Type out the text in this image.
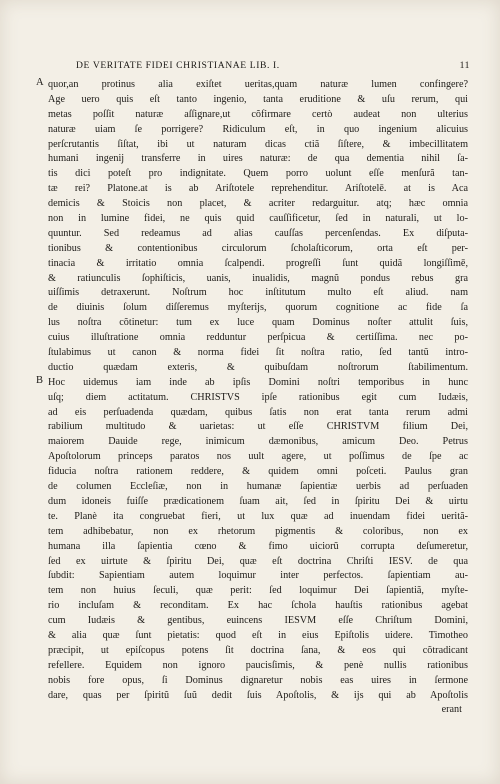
DE VERITATE FIDEI CHRISTIANAE LIB. I.	11
A
B
quor,an protinus alia exiſtet ueritas,quam naturæ lumen confingere?
Age uero quis eſt tanto ingenio, tanta eruditione & uſu rerum, qui
metas poſſit naturæ aſſignare,ut cõfirmare certò audeat non ulterius
naturæ uiam ſe porrigere? Ridiculum eſt, in quo ingenium alicuius
perſcrutantis ſiſtat, ibi ut naturam dicas ctiã ſiſtere, & imbecillitatem
humani ingenij transferre in uires naturæ: de qua dementia nihil ſa-
tis dici poteſt pro indignitate. Quem porro uolunt eſſe menſurã tan-
tæ rei? Platone.at is ab Ariſtotele reprehenditur. Ariſtotelē. at is Aca
demicis & Stoicis non placet, & acriter redarguitur. atq; hæc omnia
non in lumine fidei, ne quis quid cauſſificetur, ſed in naturali, ut lo-
quuntur. Sed redeamus ad alias cauſſas percenſendas. Ex diſputa-
tionibus & contentionibus circulorum ſcholaſticorum, orta eſt per-
tinacia & irritatio omnia ſcalpendi. progreſſi ſunt quidã longiſſimē,
& ratiunculis ſophiſticis, uanis, inualidis, magnũ pondus rebus gra
uiſſimis detraxerunt. Noſtrum hoc inſtitutum multo eſt aliud. nam
de diuinis ſolum diſſeremus myſterijs, quorum cognitione ac fide ſa
lus noſtra cõtinetur: tum ex luce quam Dominus noſter attulit ſuis,
cuius illuſtratione omnia redduntur perſpicua & certiſſima. nec po-
ſtulabimus ut canon & norma fidei ſit noſtra ratio, ſed tantũ intro-
ductio quædam exteris, & quibuſdam noſtrorum ſtabilimentum.
Hoc uidemus iam inde ab ipſis Domini noſtri temporibus in hunc
uſq; diem actitatum. CHRISTVS ipſe rationibus egit cum Iudæis,
ad eis perſuadenda quædam, quibus ſatis non erat tanta rerum admi
rabilium multitudo & uarietas: ut eſſe CHRISTVM filium Dei,
maiorem Dauide rege, inimicum dæmonibus, amicum Deo. Petrus
Apoſtolorum princeps paratos nos uult agere, ut poſſimus de ſpe ac
fiducia noſtra rationem reddere, & quidem omni poſceti. Paulus gran
de columen Eccleſiæ, non in humanæ ſapientiæ uerbis ad perſuaden
dum idoneis fuiſſe prædicationem ſuam ait, ſed in ſpiritu Dei & uirtu
te. Planè ita congruebat fieri, ut lux quæ ad inuendam fidei ueritã-
tem adhibebatur, non ex rhetorum pigmentis & coloribus, non ex
humana illa ſapientia cœno & fimo uiciorũ corrupta deſumeretur,
ſed ex uirtute & ſpiritu Dei, quæ eſt doctrina Chriſti IESV. de qua
ſubdit: Sapientiam autem loquimur inter perfectos. ſapientiam au-
tem non huius ſeculi, quæ perit: ſed loquimur Dei ſapientiã, myſte-
rio incluſam & reconditam. Ex hac ſchola hauſtis rationibus agebat
cum Iudæis & gentibus, euincens IESVM eſſe Chriſtum Domini,
& alia quæ ſunt pietatis: quod eſt in eius Epiſtolis uidere. Timotheo
præcipit, ut epiſcopus potens ſit doctrina ſana, & eos qui cõtradicant
refellere. Equidem non ignoro paucisſimis, & penè nullis rationibus
nobis fore opus, ſi Dominus dignaretur nobis eas uires in ſermone
dare, quas per ſpiritũ ſuũ dedit ſuis Apoſtolis, & ijs qui ab Apoſtolis
erant
